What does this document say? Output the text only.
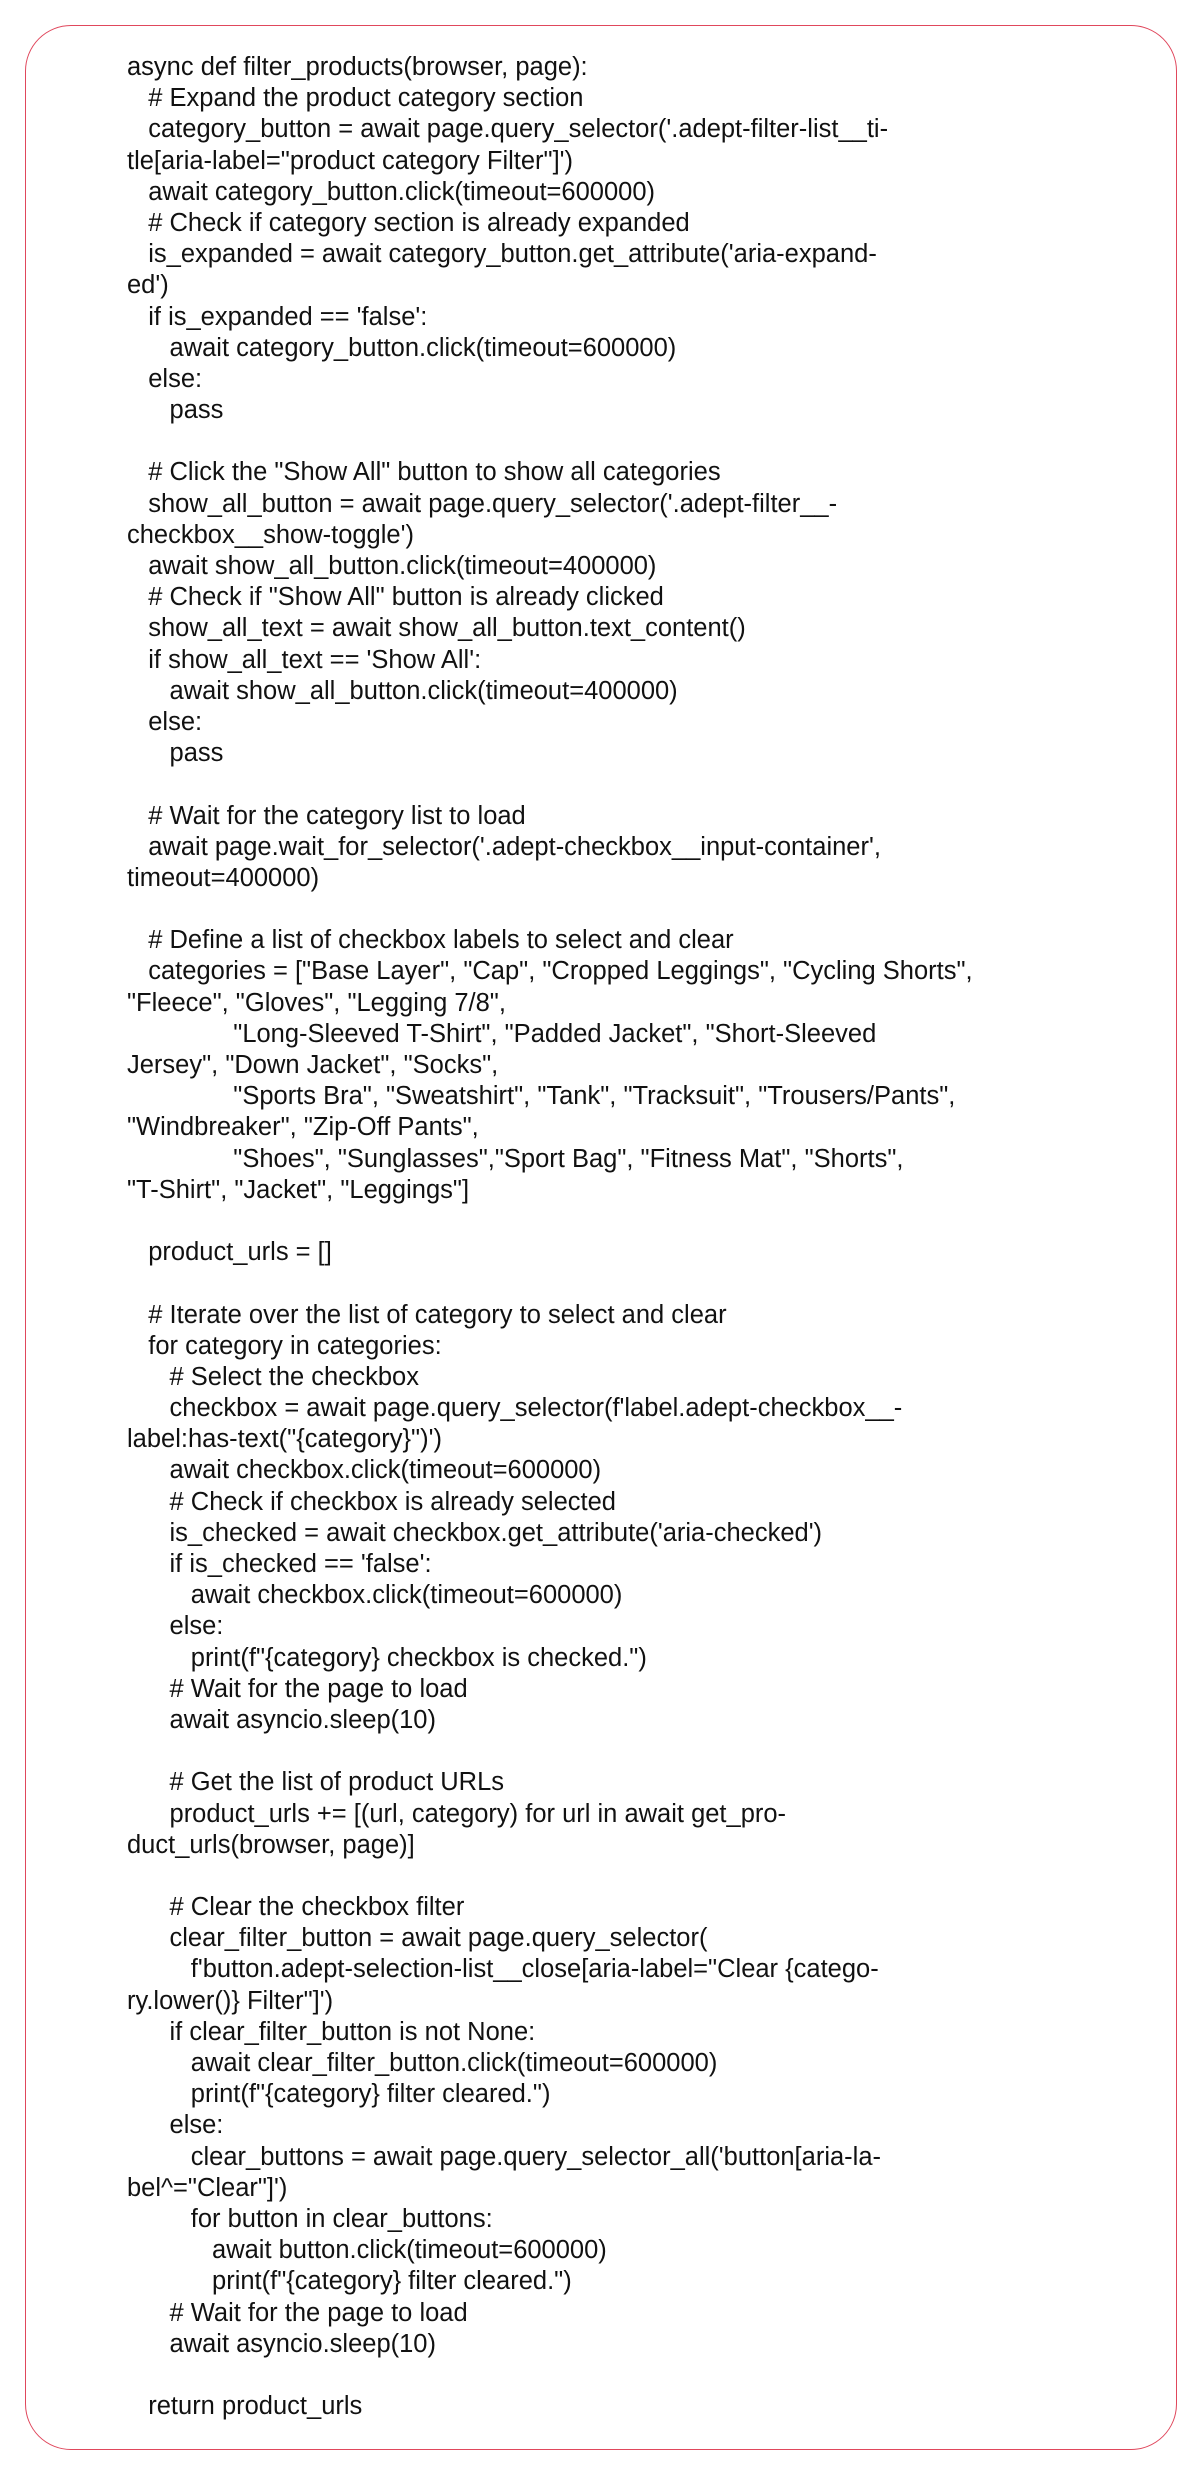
async def filter_products(browser, page):
# Expand the product category section
category_button = await page.query_selector('.adept-filter-list__ti-
tle[aria-label="product category Filter"]')
await category_button.click(timeout=600000)
# Check if category section is already expanded
is_expanded = await category_button.get_attribute('aria-expand-
ed')
if is_expanded == 'false':
await category_button.click(timeout=600000)
else:
pass
# Click the "Show All" button to show all categories
show_all_button = await page.query_selector('.adept-filter__-
checkbox__show-toggle')
await show_all_button.click(timeout=400000)
# Check if "Show All" button is already clicked
show_all_text = await show_all_button.text_content()
if show_all_text == 'Show All':
await show_all_button.click(timeout=400000)
else:
pass
# Wait for the category list to load
await page.wait_for_selector('.adept-checkbox__input-container',
timeout=400000)
# Define a list of checkbox labels to select and clear
categories = ["Base Layer", "Cap", "Cropped Leggings", "Cycling Shorts",
"Fleece", "Gloves", "Legging 7/8",
"Long-Sleeved T-Shirt", "Padded Jacket", "Short-Sleeved
Jersey", "Down Jacket", "Socks",
"Sports Bra", "Sweatshirt", "Tank", "Tracksuit", "Trousers/Pants",
"Windbreaker", "Zip-Off Pants",
"Shoes", "Sunglasses","Sport Bag", "Fitness Mat", "Shorts",
"T-Shirt", "Jacket", "Leggings"]
product_urls = []
# Iterate over the list of category to select and clear
for category in categories:
# Select the checkbox
checkbox = await page.query_selector(f'label.adept-checkbox__-
label:has-text("{category}")')
await checkbox.click(timeout=600000)
# Check if checkbox is already selected
is_checked = await checkbox.get_attribute('aria-checked')
if is_checked == 'false':
await checkbox.click(timeout=600000)
else:
print(f"{category} checkbox is checked.")
# Wait for the page to load
await asyncio.sleep(10)
# Get the list of product URLs
product_urls += [(url, category) for url in await get_pro-
duct_urls(browser, page)]
# Clear the checkbox filter
clear_filter_button = await page.query_selector(
f'button.adept-selection-list__close[aria-label="Clear {catego-
ry.lower()} Filter"]')
if clear_filter_button is not None:
await clear_filter_button.click(timeout=600000)
print(f"{category} filter cleared.")
else:
clear_buttons = await page.query_selector_all('button[aria-la-
bel^="Clear"]')
for button in clear_buttons:
await button.click(timeout=600000)
print(f"{category} filter cleared.")
# Wait for the page to load
await asyncio.sleep(10)
return product_urls
